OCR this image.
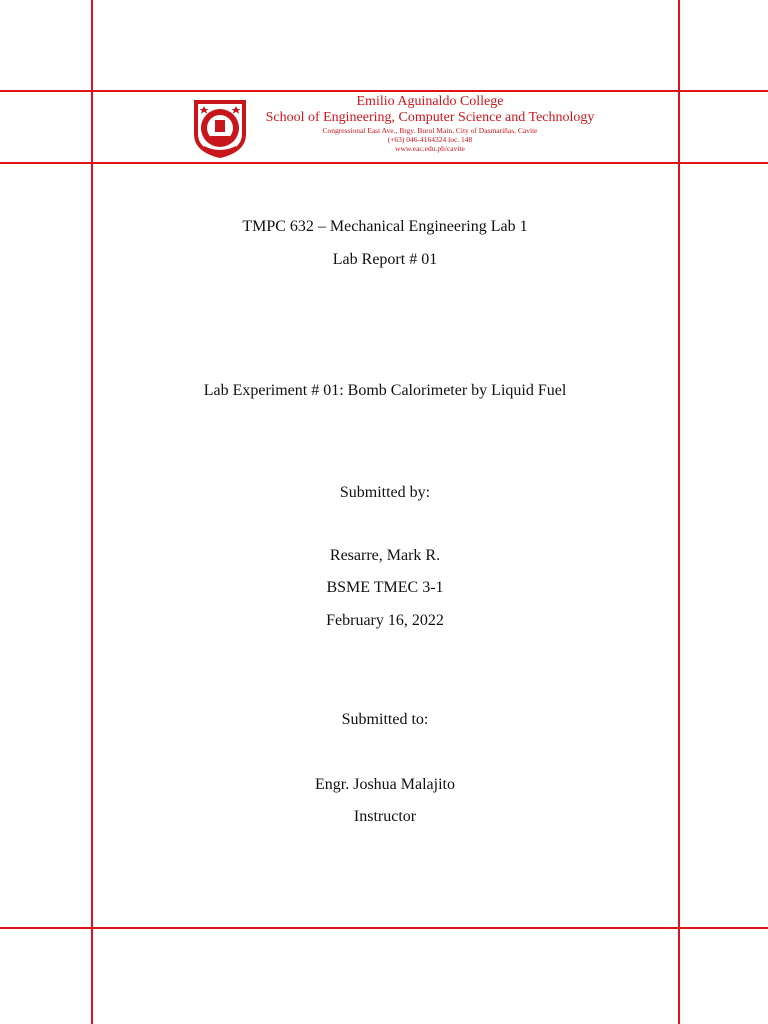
Emilio Aguinaldo College
School of Engineering, Computer Science and Technology
Congressional East Ave., Brgy. Burol Main, City of Dasmariñas, Cavite
(+63) 046-4164324 loc. 148
www.eac.edu.ph/cavite
TMPC 632 – Mechanical Engineering Lab 1
Lab Report # 01
Lab Experiment # 01: Bomb Calorimeter by Liquid Fuel
Submitted by:
Resarre, Mark R.
BSME TMEC 3-1
February 16, 2022
Submitted to:
Engr. Joshua Malajito
Instructor
